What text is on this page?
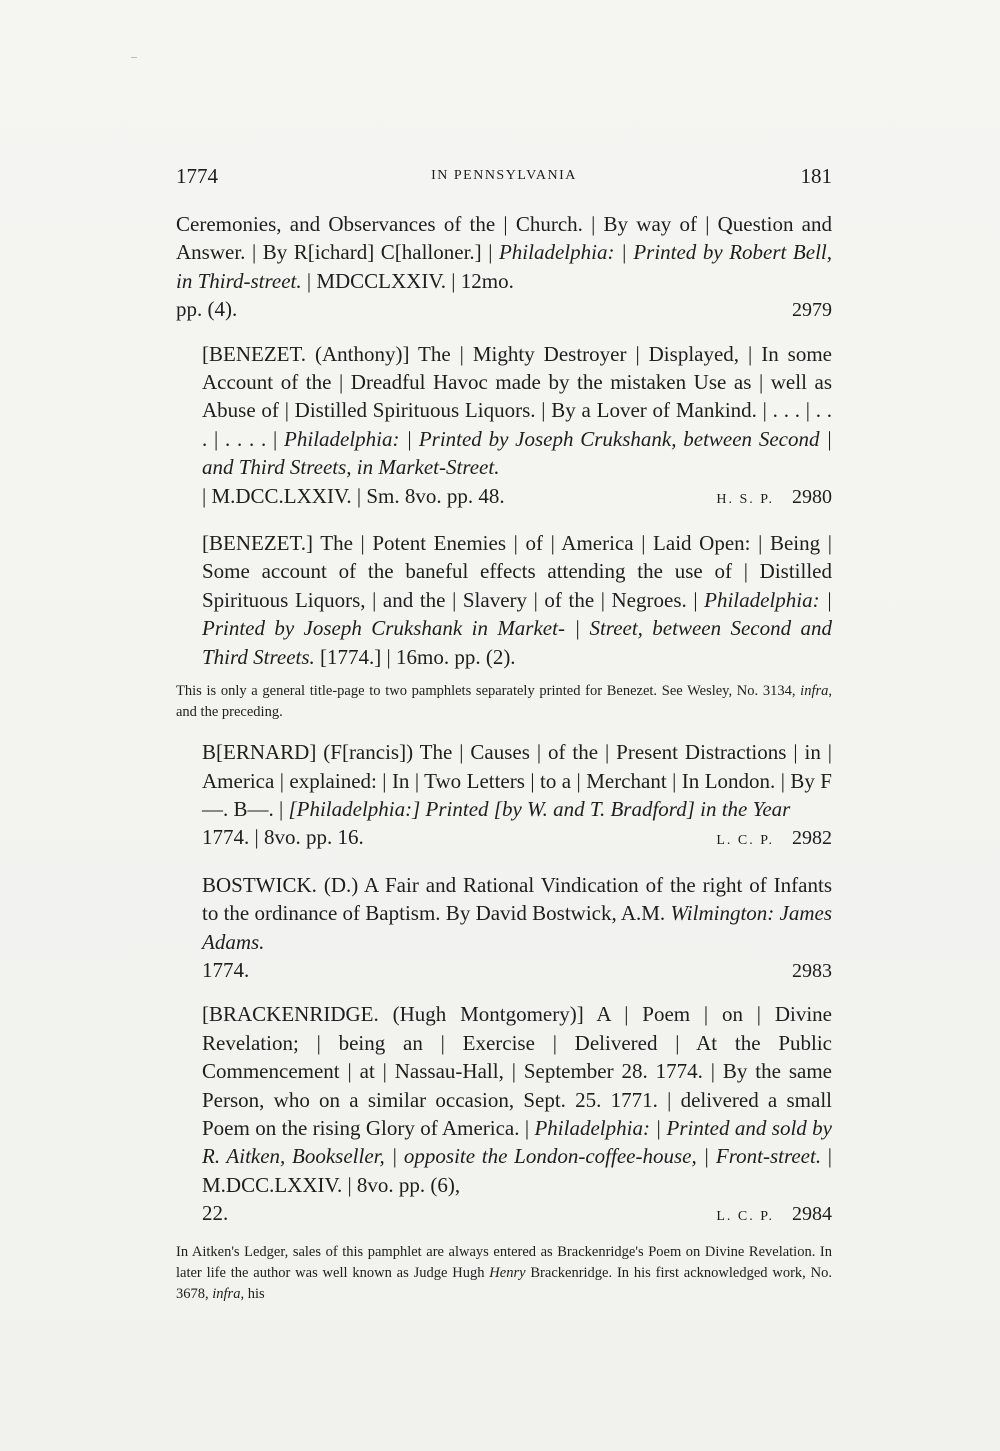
1774	IN PENNSYLVANIA	181
Ceremonies, and Observances of the | Church. | By way of | Question and Answer. | By R[ichard] C[halloner.] | Philadelphia: | Printed by Robert Bell, in Third-street. | MDCCLXXIV. | 12mo.
pp. (4).	2979
[BENEZET. (Anthony)] The | Mighty Destroyer | Displayed, | In some Account of the | Dreadful Havoc made by the mistaken Use as | well as Abuse of | Distilled Spirituous Liquors. | By a Lover of Mankind. | . . . | . . . | . . . . | Philadelphia: | Printed by Joseph Crukshank, between Second | and Third Streets, in Market-Street.
| M.DCC.LXXIV. | Sm. 8vo. pp. 48.	H. S. P. 2980
[BENEZET.] The | Potent Enemies | of | America | Laid Open: | Being | Some account of the baneful effects attending the use of | Distilled Spirituous Liquors, | and the | Slavery | of the | Negroes. | Philadelphia: | Printed by Joseph Crukshank in Market- | Street, between Second and Third Streets. [1774.] | 16mo. pp. (2).
This is only a general title-page to two pamphlets separately printed for Benezet. See Wesley, No. 3134, infra, and the preceding.
B[ERNARD] (F[rancis]) The | Causes | of the | Present Distractions | in | America | explained: | In | Two Letters | to a | Merchant | In London. | By F—. B—. | [Philadelphia:] Printed [by W. and T. Bradford] in the Year
1774. | 8vo. pp. 16.	L. C. P. 2982
BOSTWICK. (D.) A Fair and Rational Vindication of the right of Infants to the ordinance of Baptism. By David Bostwick, A.M. Wilmington: James Adams.
1774.	2983
[BRACKENRIDGE. (Hugh Montgomery)] A | Poem | on | Divine Revelation; | being an | Exercise | Delivered | At the Public Commencement | at | Nassau-Hall, | September 28. 1774. | By the same Person, who on a similar occasion, Sept. 25. 1771. | delivered a small Poem on the rising Glory of America. | Philadelphia: | Printed and sold by R. Aitken, Bookseller, | opposite the London-coffee-house, | Front-street. | M.DCC.LXXIV. | 8vo. pp. (6),
22.	L. C. P. 2984
In Aitken's Ledger, sales of this pamphlet are always entered as Brackenridge's Poem on Divine Revelation. In later life the author was well known as Judge Hugh Henry Brackenridge. In his first acknowledged work, No. 3678, infra, his
